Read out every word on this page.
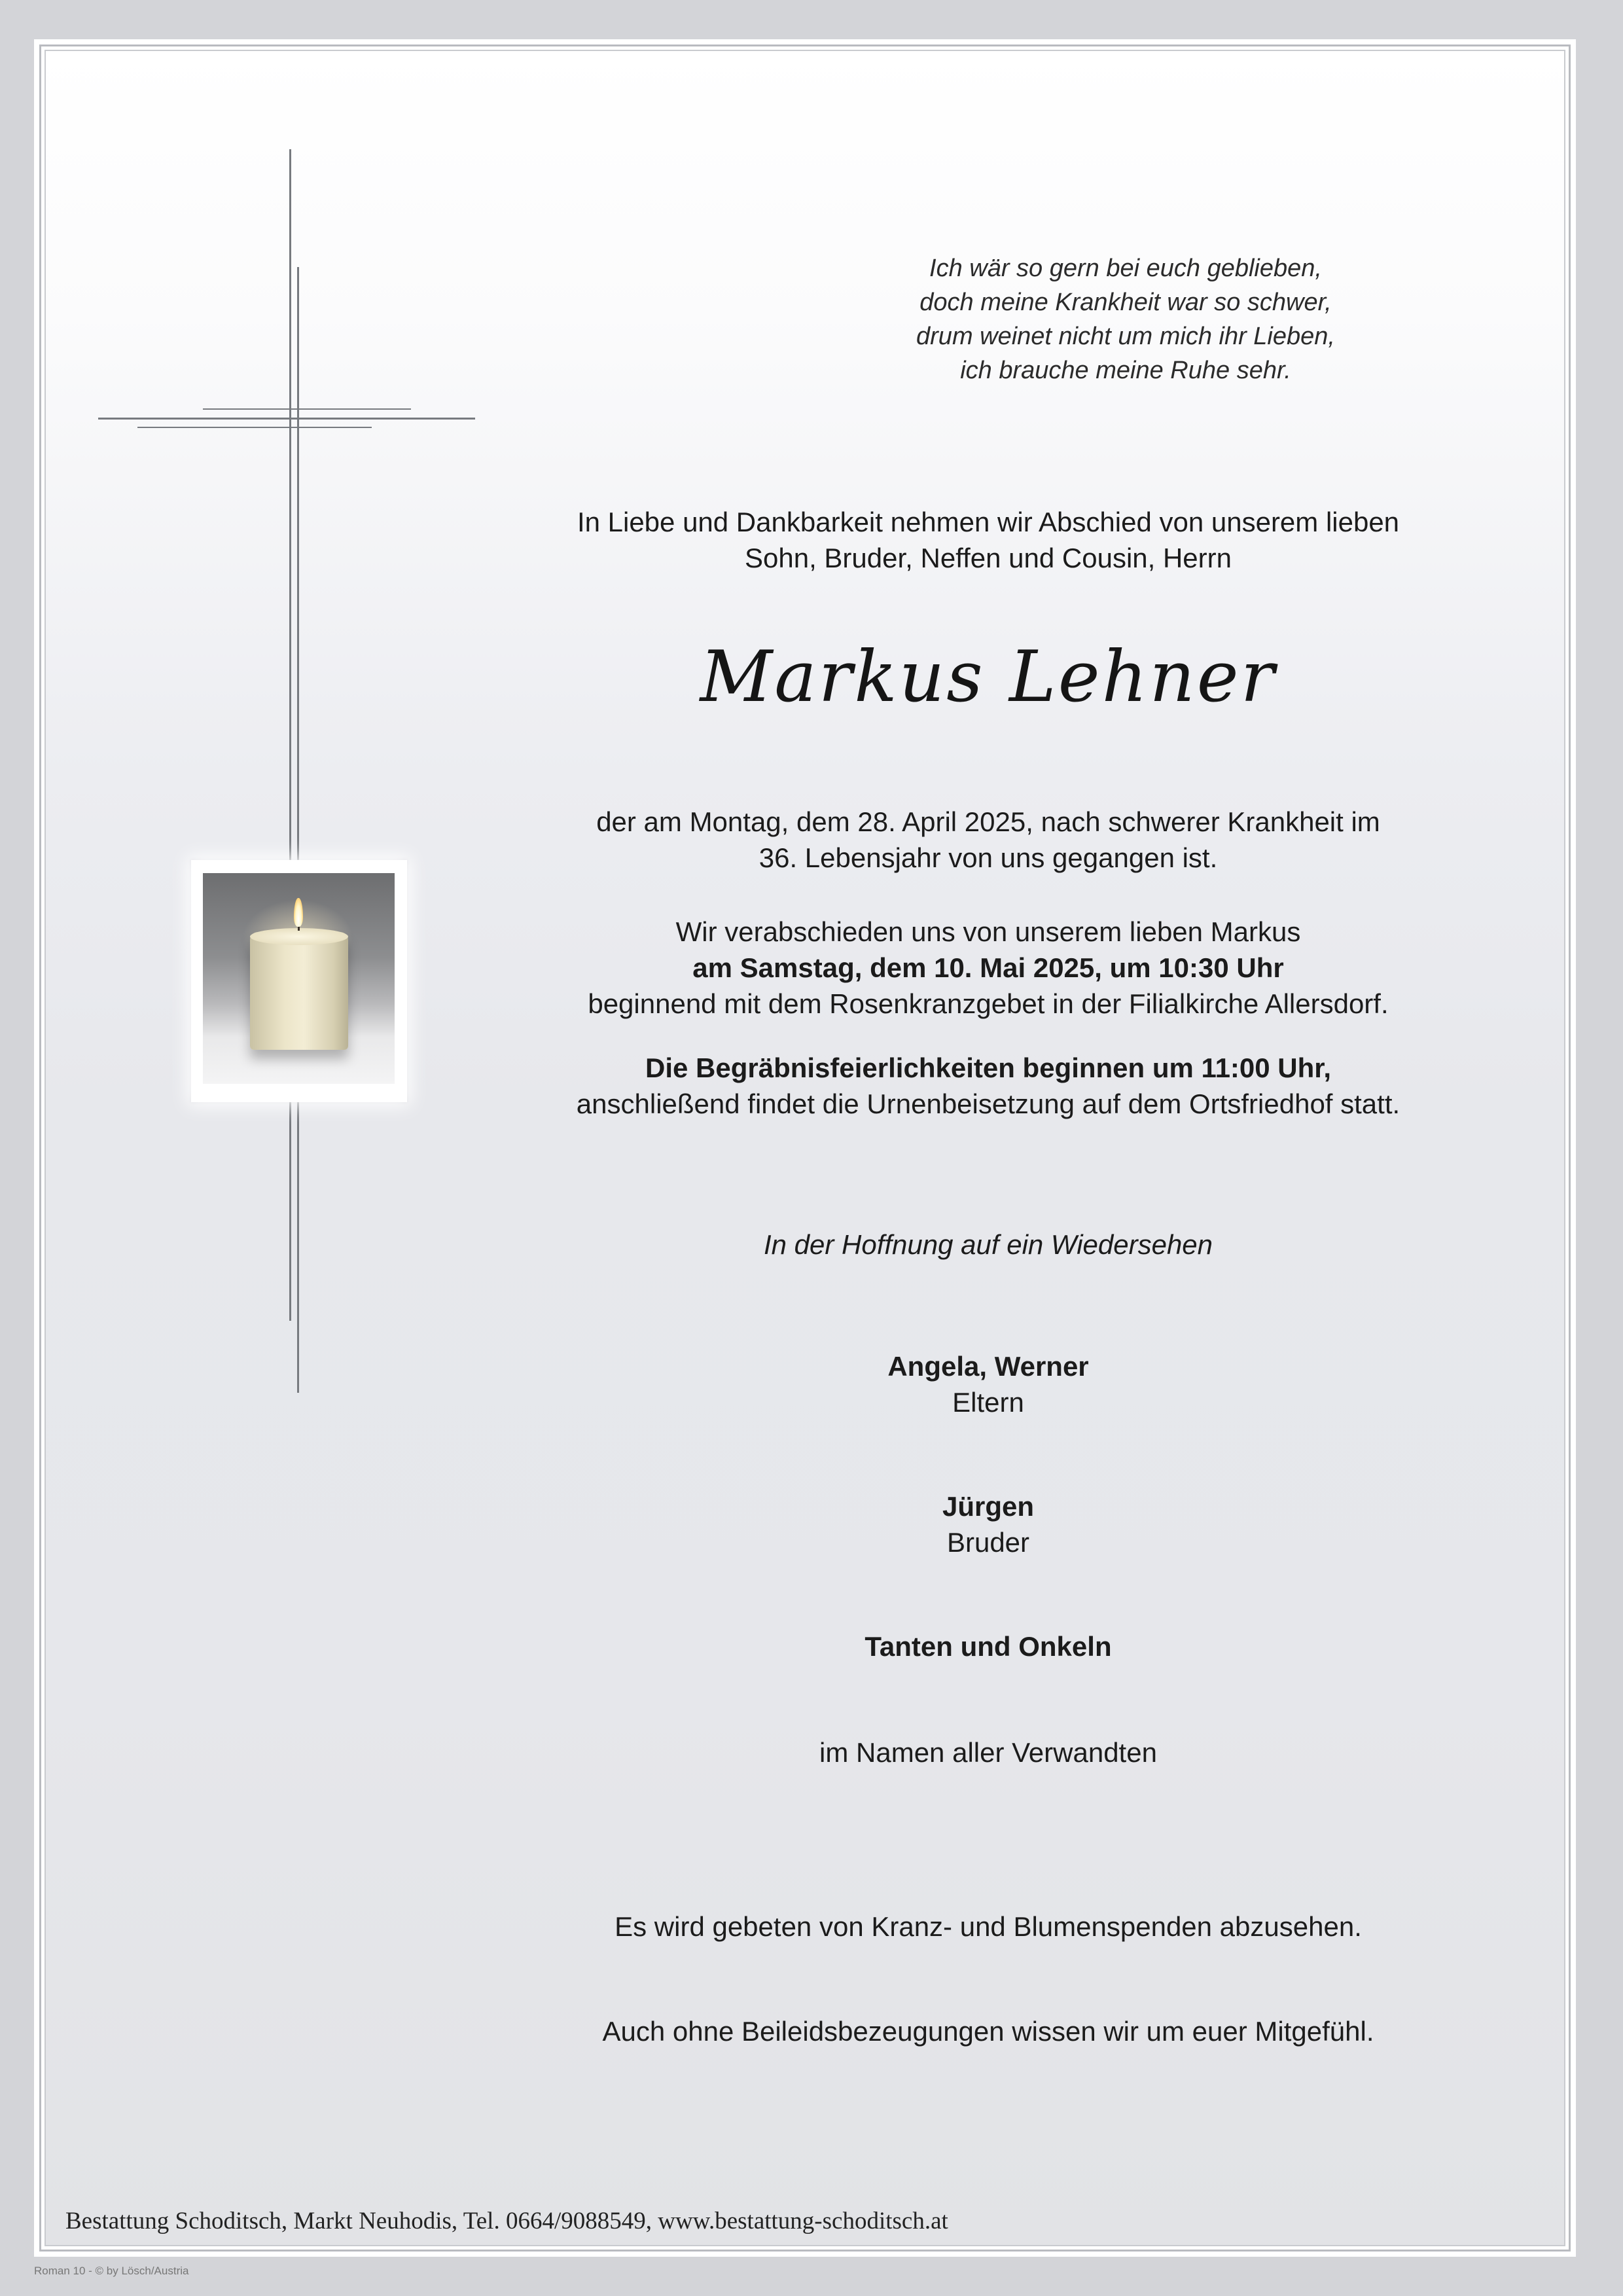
Ich wär so gern bei euch geblieben,
doch meine Krankheit war so schwer,
drum weinet nicht um mich ihr Lieben,
ich brauche meine Ruhe sehr.
In Liebe und Dankbarkeit nehmen wir Abschied von unserem lieben
Sohn, Bruder, Neffen und Cousin, Herrn
Markus Lehner
der am Montag, dem 28. April 2025, nach schwerer Krankheit im
36. Lebensjahr von uns gegangen ist.
Wir verabschieden uns von unserem lieben Markus
am Samstag, dem 10. Mai 2025, um 10:30 Uhr
beginnend mit dem Rosenkranzgebet in der Filialkirche Allersdorf.
Die Begräbnisfeierlichkeiten beginnen um 11:00 Uhr,
anschließend findet die Urnenbeisetzung auf dem Ortsfriedhof statt.
In der Hoffnung auf ein Wiedersehen
Angela, Werner
Eltern
Jürgen
Bruder
Tanten und Onkeln
im Namen aller Verwandten
Es wird gebeten von Kranz- und Blumenspenden abzusehen.
Auch ohne Beileidsbezeugungen wissen wir um euer Mitgefühl.
Bestattung Schoditsch, Markt Neuhodis, Tel. 0664/9088549, www.bestattung-schoditsch.at
Roman 10 - © by Lösch/Austria
